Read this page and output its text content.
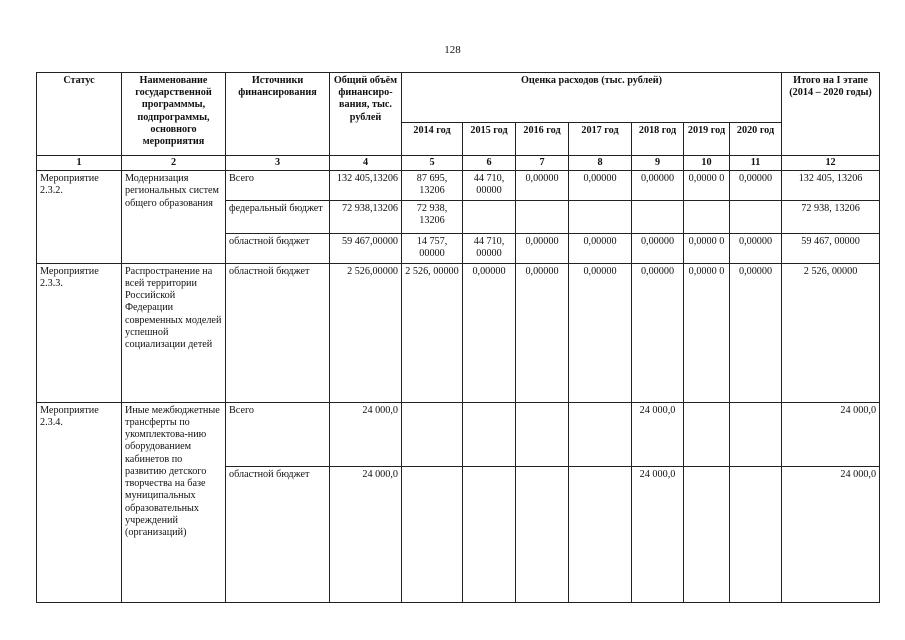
128
Статус	Наименование государственной программмы, подпрограммы, основного мероприятия	Источники финансирования	Общий объём финансиро-вания, тыс. рублей	Оценка расходов (тыс. рублей)							Итого на I этапе (2014 – 2020 годы)
				2014 год	2015 год	2016 год	2017 год	2018 год	2019 год	2020 год	
1	2	3	4	5	6	7	8	9	10	11	12
Мероприятие 2.3.2.	Модернизация региональных систем общего образования	Всего	132 405,13206	87 695, 13206	44 710, 00000	0,00000	0,00000	0,00000	0,0000 0	0,00000	132 405, 13206
		федеральный бюджет	72 938,13206	72 938, 13206							72 938, 13206
		областной бюджет	59 467,00000	14 757, 00000	44 710, 00000	0,00000	0,00000	0,00000	0,0000 0	0,00000	59 467, 00000
Мероприятие 2.3.3.	Распространение на всей территории Российской Федерации современных моделей успешной социализации детей	областной бюджет	2 526,00000	2 526, 00000	0,00000	0,00000	0,00000	0,00000	0,0000 0	0,00000	2 526, 00000
Мероприятие 2.3.4.	Иные межбюджетные трансферты по укомплектова-нию оборудованием кабинетов по развитию детского творчества на базе муниципальных образовательных учреждений (организаций)	Всего	24 000,0					24 000,0			24 000,0
		областной бюджет	24 000,0					24 000,0			24 000,0
